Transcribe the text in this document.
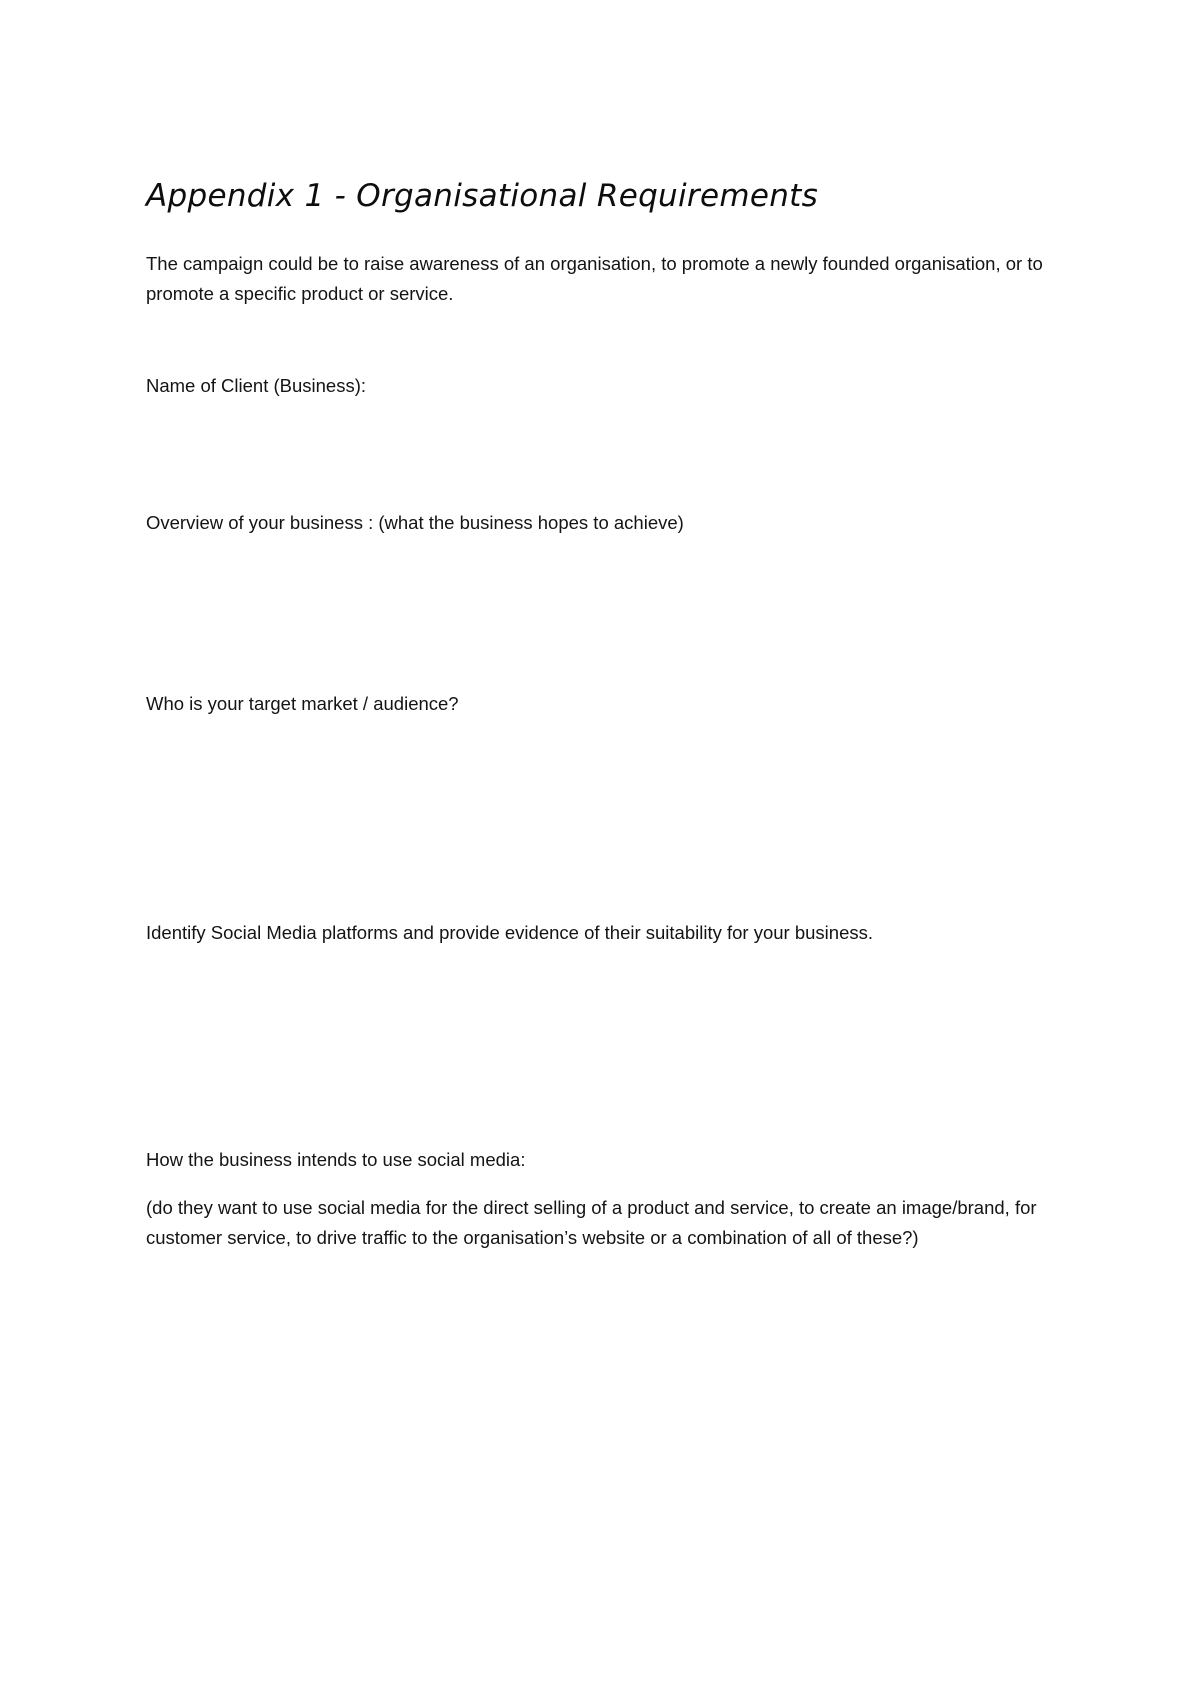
Appendix 1 - Organisational Requirements

The campaign could be to raise awareness of an organisation, to promote a newly founded organisation, or to promote a specific product or service.

Name of Client (Business):

Overview of your business : (what the business hopes to achieve)

Who is your target market / audience?

Identify Social Media platforms and provide evidence of their suitability for your business.

How the business intends to use social media:

(do they want to use social media for the direct selling of a product and service, to create an image/brand, for customer service, to drive traffic to the organisation’s website or a combination of all of these?)
